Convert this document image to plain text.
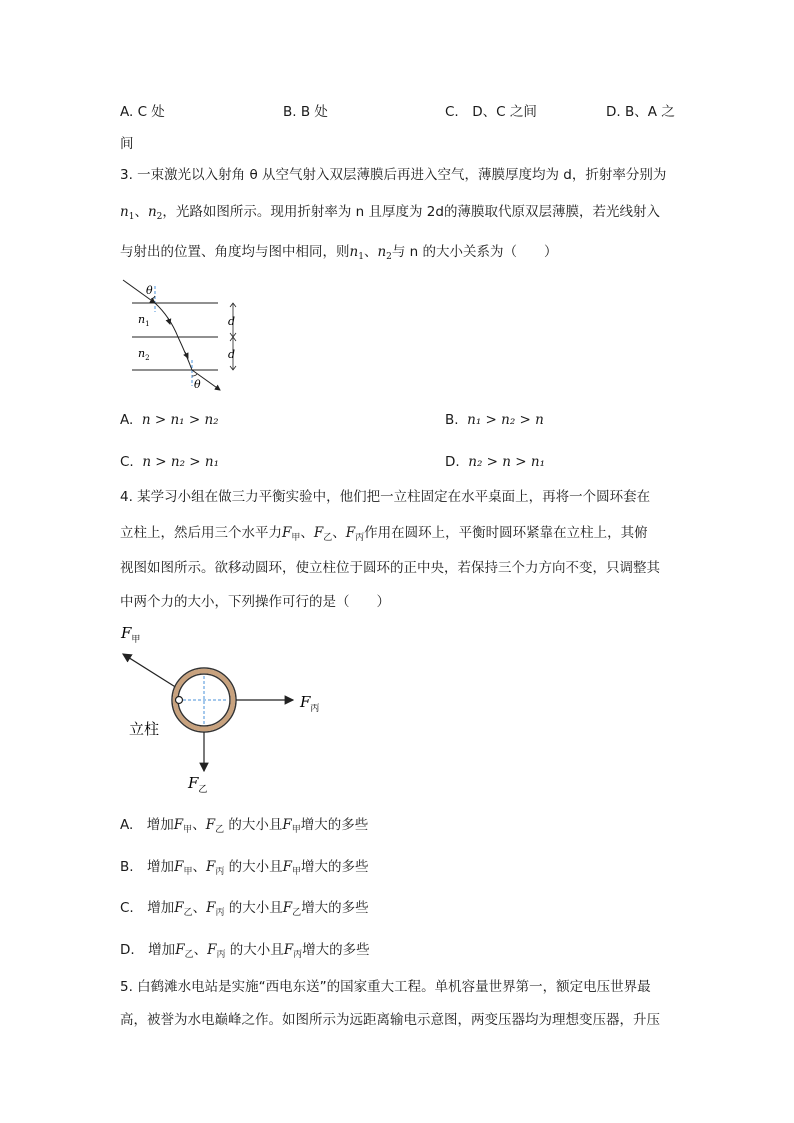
A. C 处	B. B 处	C.　D、C 之间	D. B、A 之
间
3. 一束激光以入射角 θ 从空气射入双层薄膜后再进入空气，薄膜厚度均为 d，折射率分别为
$n_1$、$n_2$，光路如图所示。现用折射率为 n 且厚度为 2d的薄膜取代原双层薄膜，若光线射入
与射出的位置、角度均与图中相同，则$n_1$、$n_2$与 n 的大小关系为（　　）
θ
θ
$n_1$
$n_2$
d
d
A. n > n₁ > n₂	B. n₁ > n₂ > n
C. n > n₂ > n₁	D. n₂ > n > n₁
4. 某学习小组在做三力平衡实验中，他们把一立柱固定在水平桌面上，再将一个圆环套在
立柱上，然后用三个水平力$F_甲$、$F_乙$、$F_丙$作用在圆环上，平衡时圆环紧靠在立柱上，其俯
视图如图所示。欲移动圆环，使立柱位于圆环的正中央，若保持三个力方向不变，只调整其
中两个力的大小，下列操作可行的是（　　）
$F_甲$
$F_丙$
$F_乙$
立柱
A.　增加$F_甲$、$F_乙$ 的大小且$F_甲$增大的多些
B.　增加$F_甲$、$F_丙$ 的大小且$F_甲$增大的多些
C.　增加$F_乙$、$F_丙$ 的大小且$F_乙$增大的多些
D.　增加$F_乙$、$F_丙$ 的大小且$F_丙$增大的多些
5. 白鹤滩水电站是实施“西电东送”的国家重大工程。单机容量世界第一，额定电压世界最
高，被誉为水电巅峰之作。如图所示为远距离输电示意图，两变压器均为理想变压器，升压
